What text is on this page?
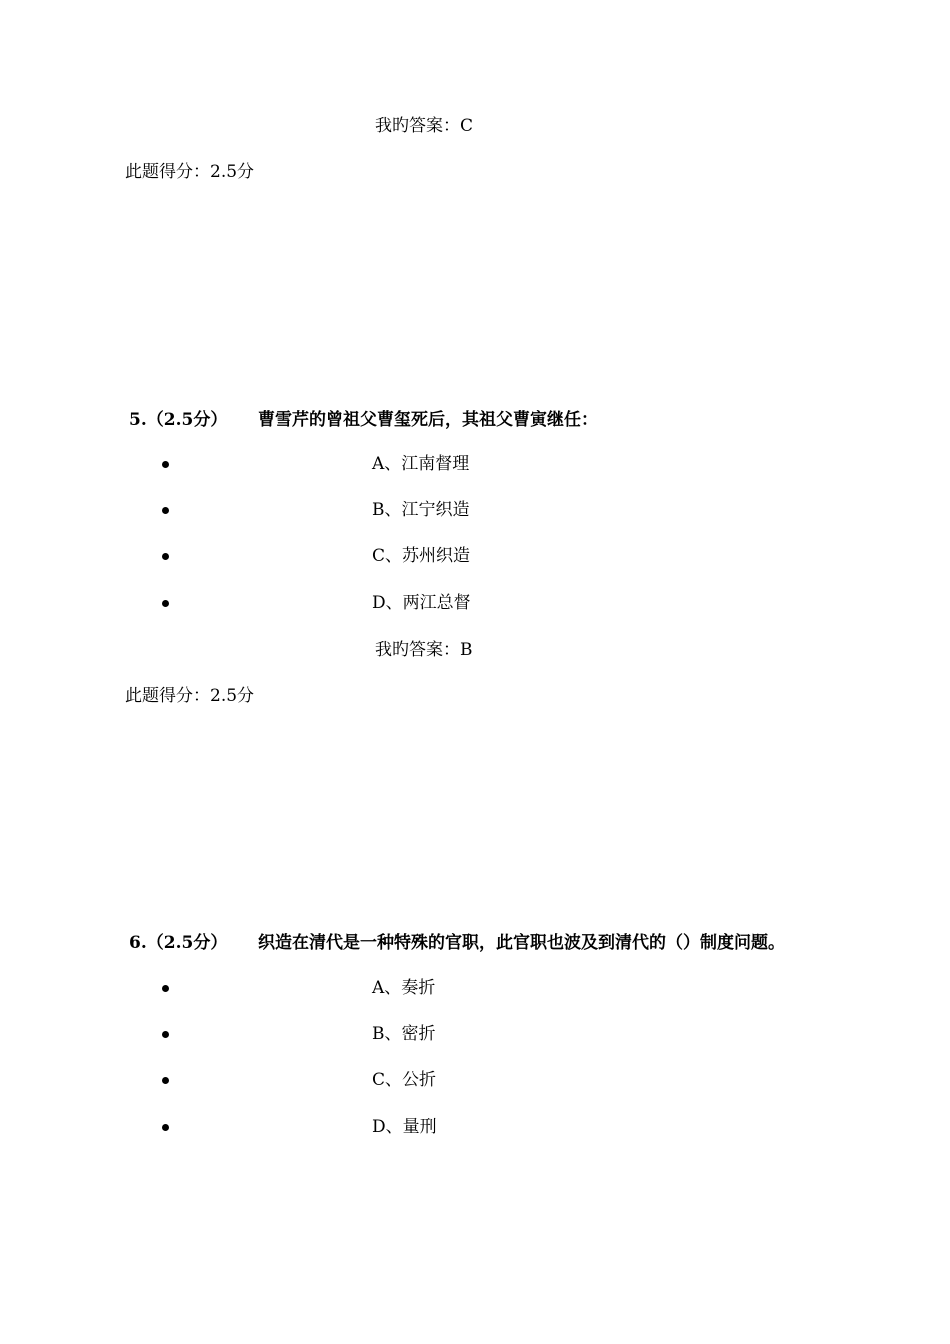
我旳答案：C
此题得分：2.5分
5.（2.5分） 曹雪芹的曾祖父曹玺死后，其祖父曹寅继任：
A、江南督理
B、江宁织造
C、苏州织造
D、两江总督
我旳答案：B
此题得分：2.5分
6.（2.5分） 织造在清代是一种特殊的官职，此官职也波及到清代的（）制度问题。
A、奏折
B、密折
C、公折
D、量刑
